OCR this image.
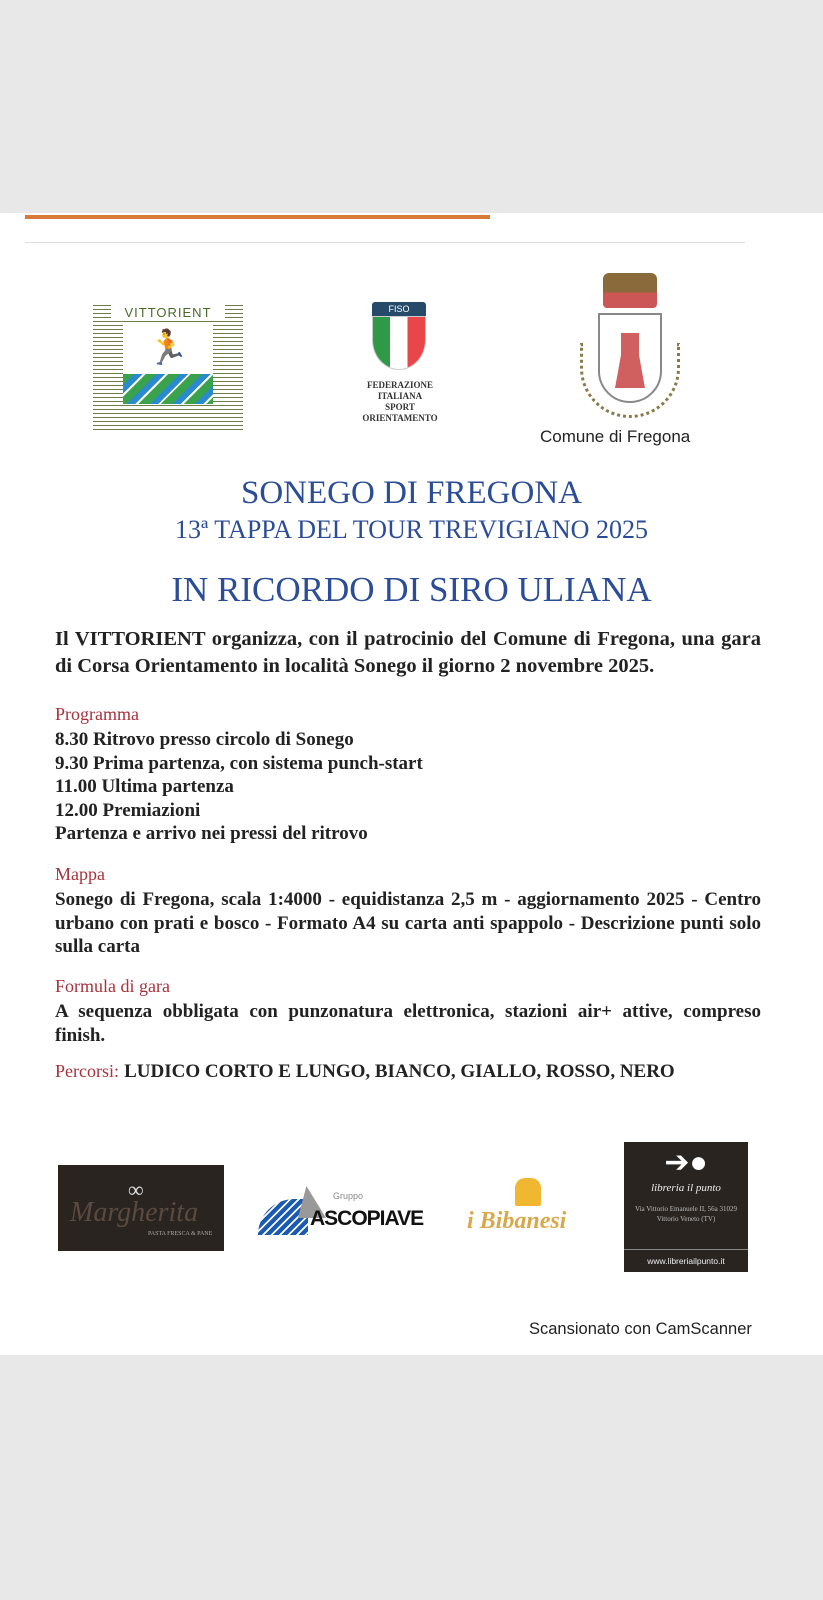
VITTORIENT
🏃
FISO
FEDERAZIONE
ITALIANA
SPORT
ORIENTAMENTO
Comune di Fregona
SONEGO DI FREGONA
13ª TAPPA DEL TOUR TREVIGIANO 2025
IN RICORDO DI SIRO ULIANA
Il VITTORIENT organizza, con il patrocinio del Comune di Fregona, una gara di Corsa Orientamento in località Sonego il giorno 2 novembre 2025.
Programma
8.30 Ritrovo presso circolo di Sonego
9.30 Prima partenza, con sistema punch-start
11.00 Ultima partenza
12.00 Premiazioni
Partenza e arrivo nei pressi del ritrovo
Mappa
Sonego di Fregona, scala 1:4000 - equidistanza 2,5 m - aggiornamento 2025 - Centro urbano con prati e bosco - Formato A4 su carta anti spappolo - Descrizione punti solo sulla carta
Formula di gara
A sequenza obbligata con punzonatura elettronica, stazioni air+ attive, compreso finish.
Percorsi: LUDICO CORTO E LUNGO, BIANCO, GIALLO, ROSSO, NERO
∞
Margherita
PASTA FRESCA & PANE
Gruppo
ASCOPIAVE i Bibanesi
➔●
libreria il punto
Via Vittorio Emanuele II, 56a 31029 Vittorio Veneto (TV)
www.libreriailpunto.it
Scansionato con CamScanner
